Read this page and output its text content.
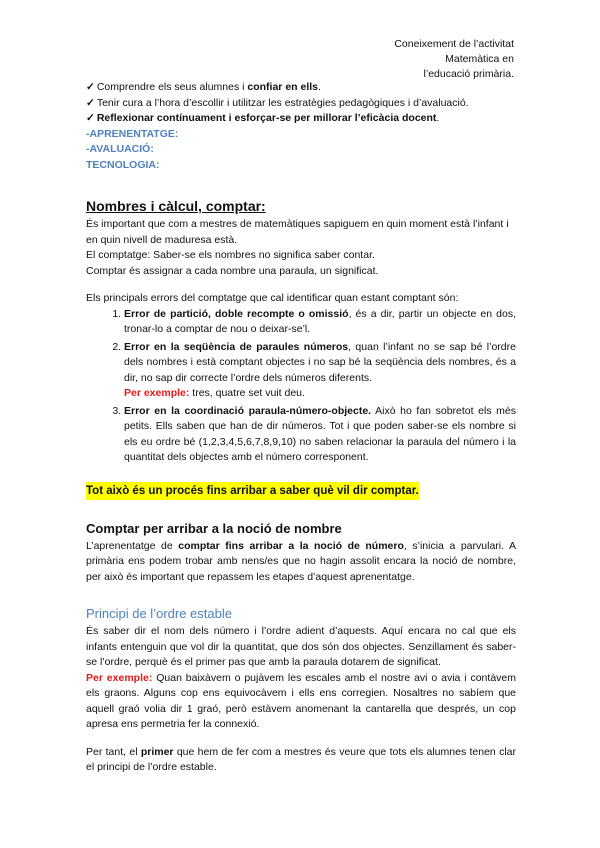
Coneixement de l’activitat
Matemàtica en
l’educació primària.
✓ Comprendre els seus alumnes i confiar en ells.
✓ Tenir cura a l’hora d’escollir i utilitzar les estratègies pedagògiques i d’avaluació.
✓ Reflexionar contínuament i esforçar-se per millorar l’eficàcia docent.
-APRENENTATGE:
-AVALUACIÓ:
TECNOLOGIA:
Nombres i càlcul, comptar:

És important que com a mestres de matemàtiques sapiguem en quin moment està l’infant i en quin nivell de maduresa està.

El comptatge: Saber-se els nombres no significa saber contar.

Comptar és assignar a cada nombre una paraula, un significat.

Els principals errors del comptatge que cal identificar quan estant comptant són:

1. Error de partició, doble recompte o omissió, és a dir, partir un objecte en dos, tronar-lo a comptar de nou o deixar-se’l.
2. Error en la seqüència de paraules números, quan l’infant no se sap bé l’ordre dels nombres i està comptant objectes i no sap bé la seqüència dels nombres, és a dir, no sap dir correcte l’ordre dels números diferents.
Per exemple: tres, quatre set vuit deu.
3. Error en la coordinació paraula-número-objecte. Això ho fan sobretot els més petits. Ells saben que han de dir números. Tot i que poden saber-se els nombre si els eu ordre bé (1,2,3,4,5,6,7,8,9,10) no saben relacionar la paraula del número i la quantitat dels objectes amb el número corresponent.
Tot això és un procés fins arribar a saber què vil dir comptar.
Comptar per arribar a la noció de nombre

L’aprenentatge de comptar fins arribar a la noció de número, s’inicia a parvulari. A primària ens podem trobar amb nens/es que no hagin assolit encara la noció de nombre, per això és important que repassem les etapes d’aquest aprenentatge.

Principi de l’ordre estable

És saber dir el nom dels número i l’ordre adient d’aquests. Aquí encara no cal que els infants entenguin que vol dir la quantitat, que dos són dos objectes. Senzillament és saber-se l’ordre, perquè és el primer pas que amb la paraula dotarem de significat.

Per exemple: Quan baixàvem o pujàvem les escales amb el nostre avi o avia i contàvem els graons. Alguns cop ens equivocàvem i ells ens corregien. Nosaltres no sabíem que aquell graó volia dir 1 graó, però estàvem anomenant la cantarella que després, un cop apresa ens permetria fer la connexió.

Per tant, el primer que hem de fer com a mestres és veure que tots els alumnes tenen clar el principi de l’ordre estable.
